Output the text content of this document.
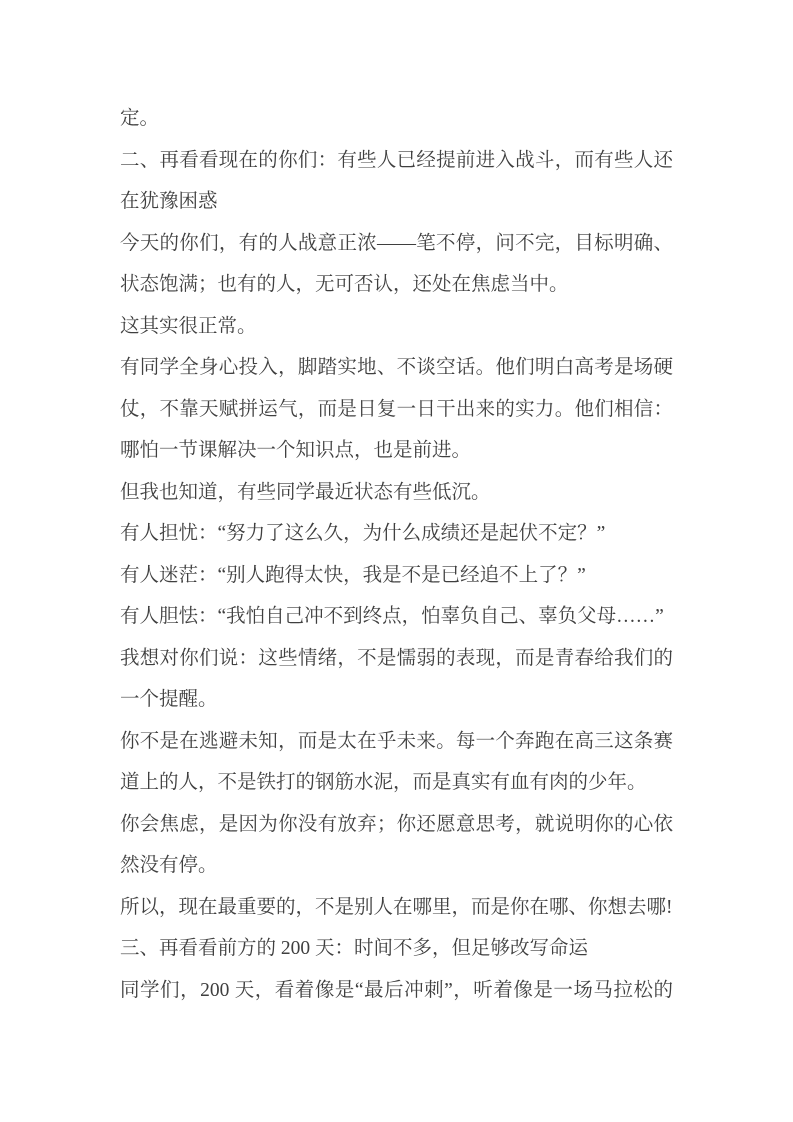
定。
二、再看看现在的你们：有些人已经提前进入战斗，而有些人还
在犹豫困惑
今天的你们，有的人战意正浓——笔不停，问不完，目标明确、
状态饱满；也有的人，无可否认，还处在焦虑当中。
这其实很正常。
有同学全身心投入，脚踏实地、不谈空话。他们明白高考是场硬
仗，不靠天赋拼运气，而是日复一日干出来的实力。他们相信：
哪怕一节课解决一个知识点，也是前进。
但我也知道，有些同学最近状态有些低沉。
有人担忧：“努力了这么久，为什么成绩还是起伏不定？”
有人迷茫：“别人跑得太快，我是不是已经追不上了？”
有人胆怯：“我怕自己冲不到终点，怕辜负自己、辜负父母……”
我想对你们说：这些情绪，不是懦弱的表现，而是青春给我们的
一个提醒。
你不是在逃避未知，而是太在乎未来。每一个奔跑在高三这条赛
道上的人，不是铁打的钢筋水泥，而是真实有血有肉的少年。
你会焦虑，是因为你没有放弃；你还愿意思考，就说明你的心依
然没有停。
所以，现在最重要的，不是别人在哪里，而是你在哪、你想去哪!
三、再看看前方的 200 天：时间不多，但足够改写命运
同学们，200 天，看着像是“最后冲刺”，听着像是一场马拉松的
